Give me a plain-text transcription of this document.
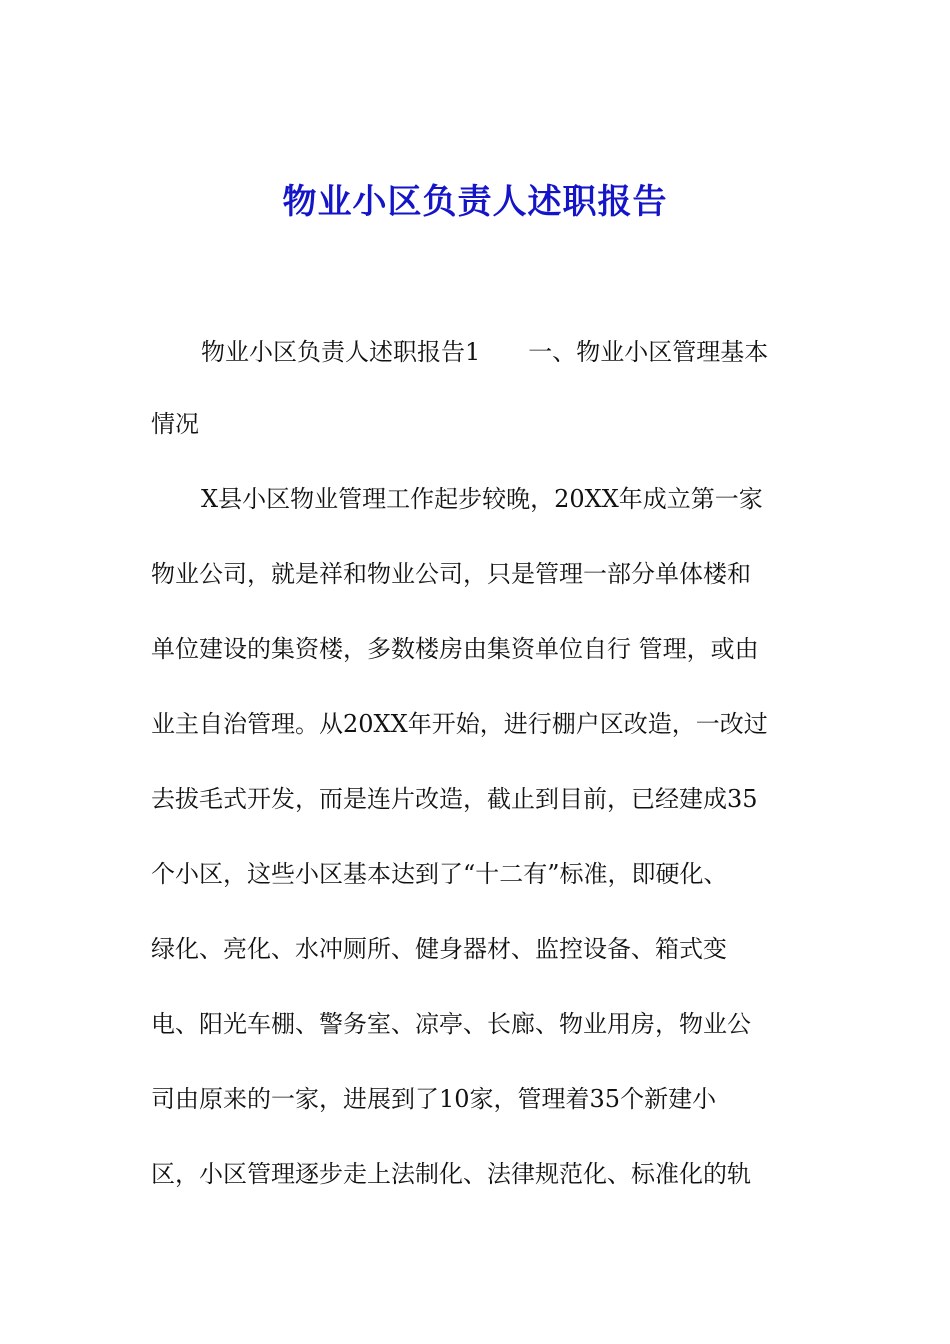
物业小区负责人述职报告

物业小区负责人述职报告1　　一、物业小区管理基本

情况

X县小区物业管理工作起步较晚，20XX年成立第一家

物业公司，就是祥和物业公司，只是管理一部分单体楼和

单位建设的集资楼，多数楼房由集资单位自行 管理，或由

业主自治管理。从20XX年开始，进行棚户区改造，一改过

去拔毛式开发，而是连片改造，截止到目前，已经建成35

个小区，这些小区基本达到了“十二有”标准，即硬化、

绿化、亮化、水冲厕所、健身器材、监控设备、箱式变

电、阳光车棚、警务室、凉亭、长廊、物业用房，物业公

司由原来的一家，进展到了10家，管理着35个新建小

区，小区管理逐步走上法制化、法律规范化、标准化的轨
